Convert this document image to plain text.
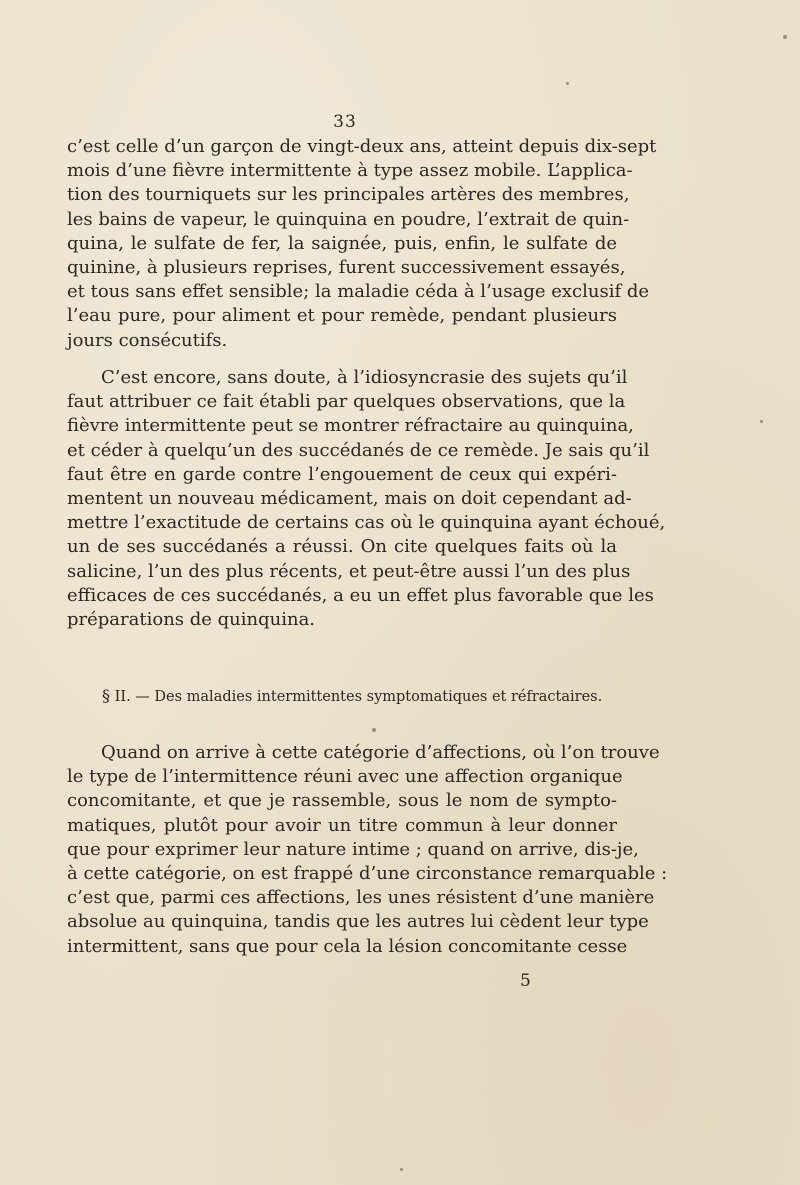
33

c’est celle d’un garçon de vingt-deux ans, atteint depuis dix-sept
mois d’une fièvre intermittente à type assez mobile. L’applica-
tion des tourniquets sur les principales artères des membres,
les bains de vapeur, le quinquina en poudre, l’extrait de quin-
quina, le sulfate de fer, la saignée, puis, enfin, le sulfate de
quinine, à plusieurs reprises, furent successivement essayés,
et tous sans effet sensible; la maladie céda à l’usage exclusif de
l’eau pure, pour aliment et pour remède, pendant plusieurs
jours consécutifs.

C’est encore, sans doute, à l’idiosyncrasie des sujets qu’il
faut attribuer ce fait établi par quelques observations, que la
fièvre intermittente peut se montrer réfractaire au quinquina,
et céder à quelqu’un des succédanés de ce remède. Je sais qu’il
faut être en garde contre l’engouement de ceux qui expéri-
mentent un nouveau médicament, mais on doit cependant ad-
mettre l’exactitude de certains cas où le quinquina ayant échoué,
un de ses succédanés a réussi. On cite quelques faits où la
salicine, l’un des plus récents, et peut-être aussi l’un des plus
efficaces de ces succédanés, a eu un effet plus favorable que les
préparations de quinquina.

§ II. — Des maladies intermittentes symptomatiques et réfractaires.

Quand on arrive à cette catégorie d’affections, où l’on trouve
le type de l’intermittence réuni avec une affection organique
concomitante, et que je rassemble, sous le nom de sympto-
matiques, plutôt pour avoir un titre commun à leur donner
que pour exprimer leur nature intime ; quand on arrive, dis-je,
à cette catégorie, on est frappé d’une circonstance remarquable :
c’est que, parmi ces affections, les unes résistent d’une manière
absolue au quinquina, tandis que les autres lui cèdent leur type
intermittent, sans que pour cela la lésion concomitante cesse

5
